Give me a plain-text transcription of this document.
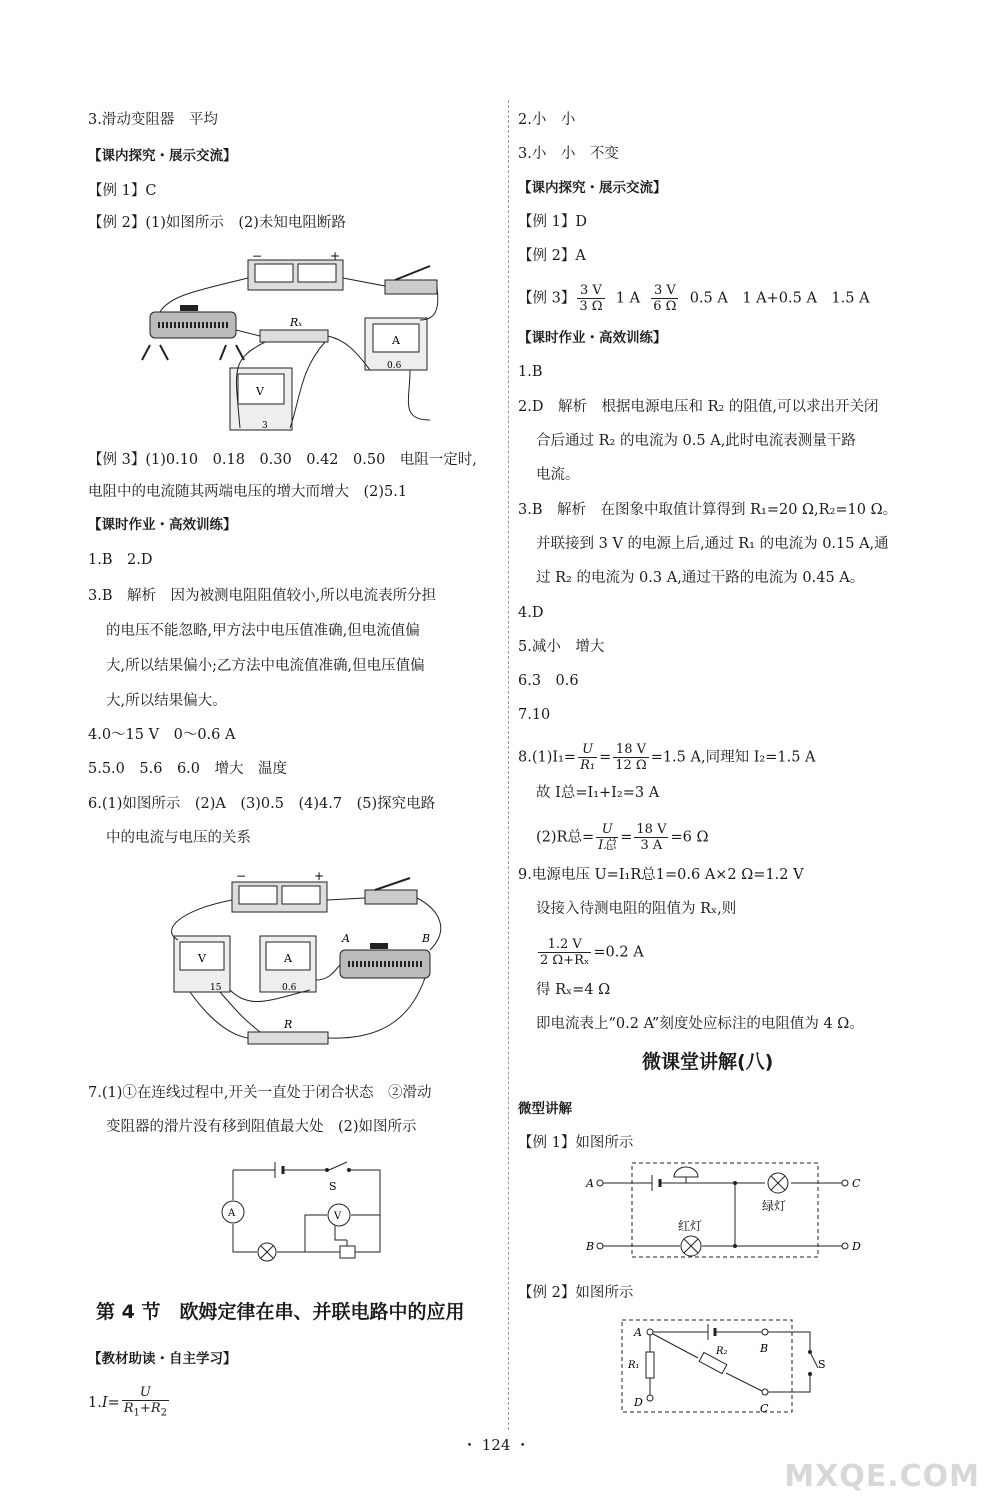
3.滑动变阻器　平均
【课内探究・展示交流】
【例 1】C
【例 2】(1)如图所示　(2)未知电阻断路
−	+
Rₓ
A
0.6
V
3
【例 3】(1)0.10　0.18　0.30　0.42　0.50　电阻一定时,
电阻中的电流随其两端电压的增大而增大　(2)5.1
【课时作业・高效训练】
1.B　2.D
3.B　解析　因为被测电阻阻值较小,所以电流表所分担
的电压不能忽略,甲方法中电压值准确,但电流值偏
大,所以结果偏小;乙方法中电流值准确,但电压值偏
大,所以结果偏大。
4.0～15 V　0～0.6 A
5.5.0　5.6　6.0　增大　温度
6.(1)如图所示　(2)A　(3)0.5　(4)4.7　(5)探究电路
中的电流与电压的关系
−	+
V
15
A
0.6
A	B
R
7.(1)①在连线过程中,开关一直处于闭合状态　②滑动
变阻器的滑片没有移到阻值最大处　(2)如图所示
S
A	V
第 4 节　欧姆定律在串、并联电路中的应用
【教材助读・自主学习】
$1.I= \frac{U}{R_1+R_2}$
2.小　小
3.小　小　不变
【课内探究・展示交流】
【例 1】D
【例 2】A
【例 3】 $\frac{3 V}{3 \Omega} 1$ A $\frac{3 V}{6 \Omega} 0.5$ A　1 A+0.5 A　1.5 A
【课时作业・高效训练】
1.B
2.D　解析　根据电源电压和 R₂ 的阻值,可以求出开关闭
合后通过 R₂ 的电流为 0.5 A,此时电流表测量干路
电流。
3.B　解析　在图象中取值计算得到 R₁=20 Ω,R₂=10 Ω。
并联接到 3 V 的电源上后,通过 R₁ 的电流为 0.15 A,通
过 R₂ 的电流为 0.3 A,通过干路的电流为 0.45 A。
4.D
5.减小　增大
6.3　0.6
7.10
$8.(1)I_1= \frac{U}{\text{R₁}} = \frac{18 V}{12 \Omega} =1.5$ A,同理知 I₂=1.5 A
故 I总=I₁+I₂=3 A
(2)R总= $\frac{U}{\text{I总}} = \frac{18 V}{3 A} =6$ Ω
9.电源电压 U=I₁R总1=0.6 A×2 Ω=1.2 V
设接入待测电阻的阻值为 Rₓ,则
$\frac{1.2 V}{\text{2 Ω+Rₓ}} =0.2$ A
得 Rₓ=4 Ω
即电流表上“0.2 A”刻度处应标注的电阻值为 4 Ω。
微课堂讲解(八)
微型讲解
【例 1】如图所示
A
B
C
D
绿灯
红灯
【例 2】如图所示
A
D
B
C
S
R₁
R₂
・ 124 ・
MXQE.COM
